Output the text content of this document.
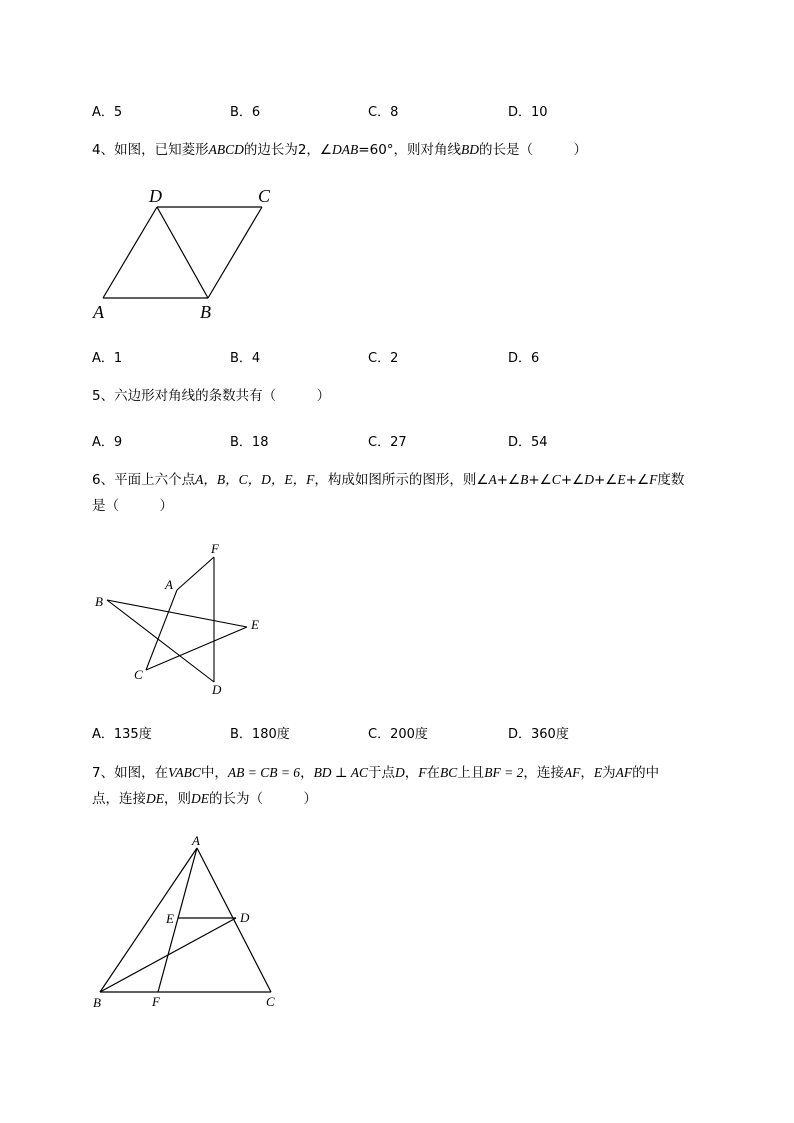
A．5	B．6	C．8	D．10
4、如图，已知菱形ABCD的边长为2，∠DAB=60°，则对角线BD的长是（　　　）
A	B
C
D
A．1	B．4	C．2	D．6
5、六边形对角线的条数共有（　　　）
A．9	B．18	C．27	D．54
6、平面上六个点A，B，C，D，E，F，构成如图所示的图形，则∠A+∠B+∠C+∠D+∠E+∠F度数
是（　　　）
A
B
C
D
E
F
A．135度	B．180度	C．200度	D．360度
7、如图，在VABC中，AB = CB = 6，BD ⊥ AC于点D，F在BC上且BF = 2，连接AF，E为AF的中
点，连接DE，则DE的长为（　　　）
A
B	C
D
E
F
